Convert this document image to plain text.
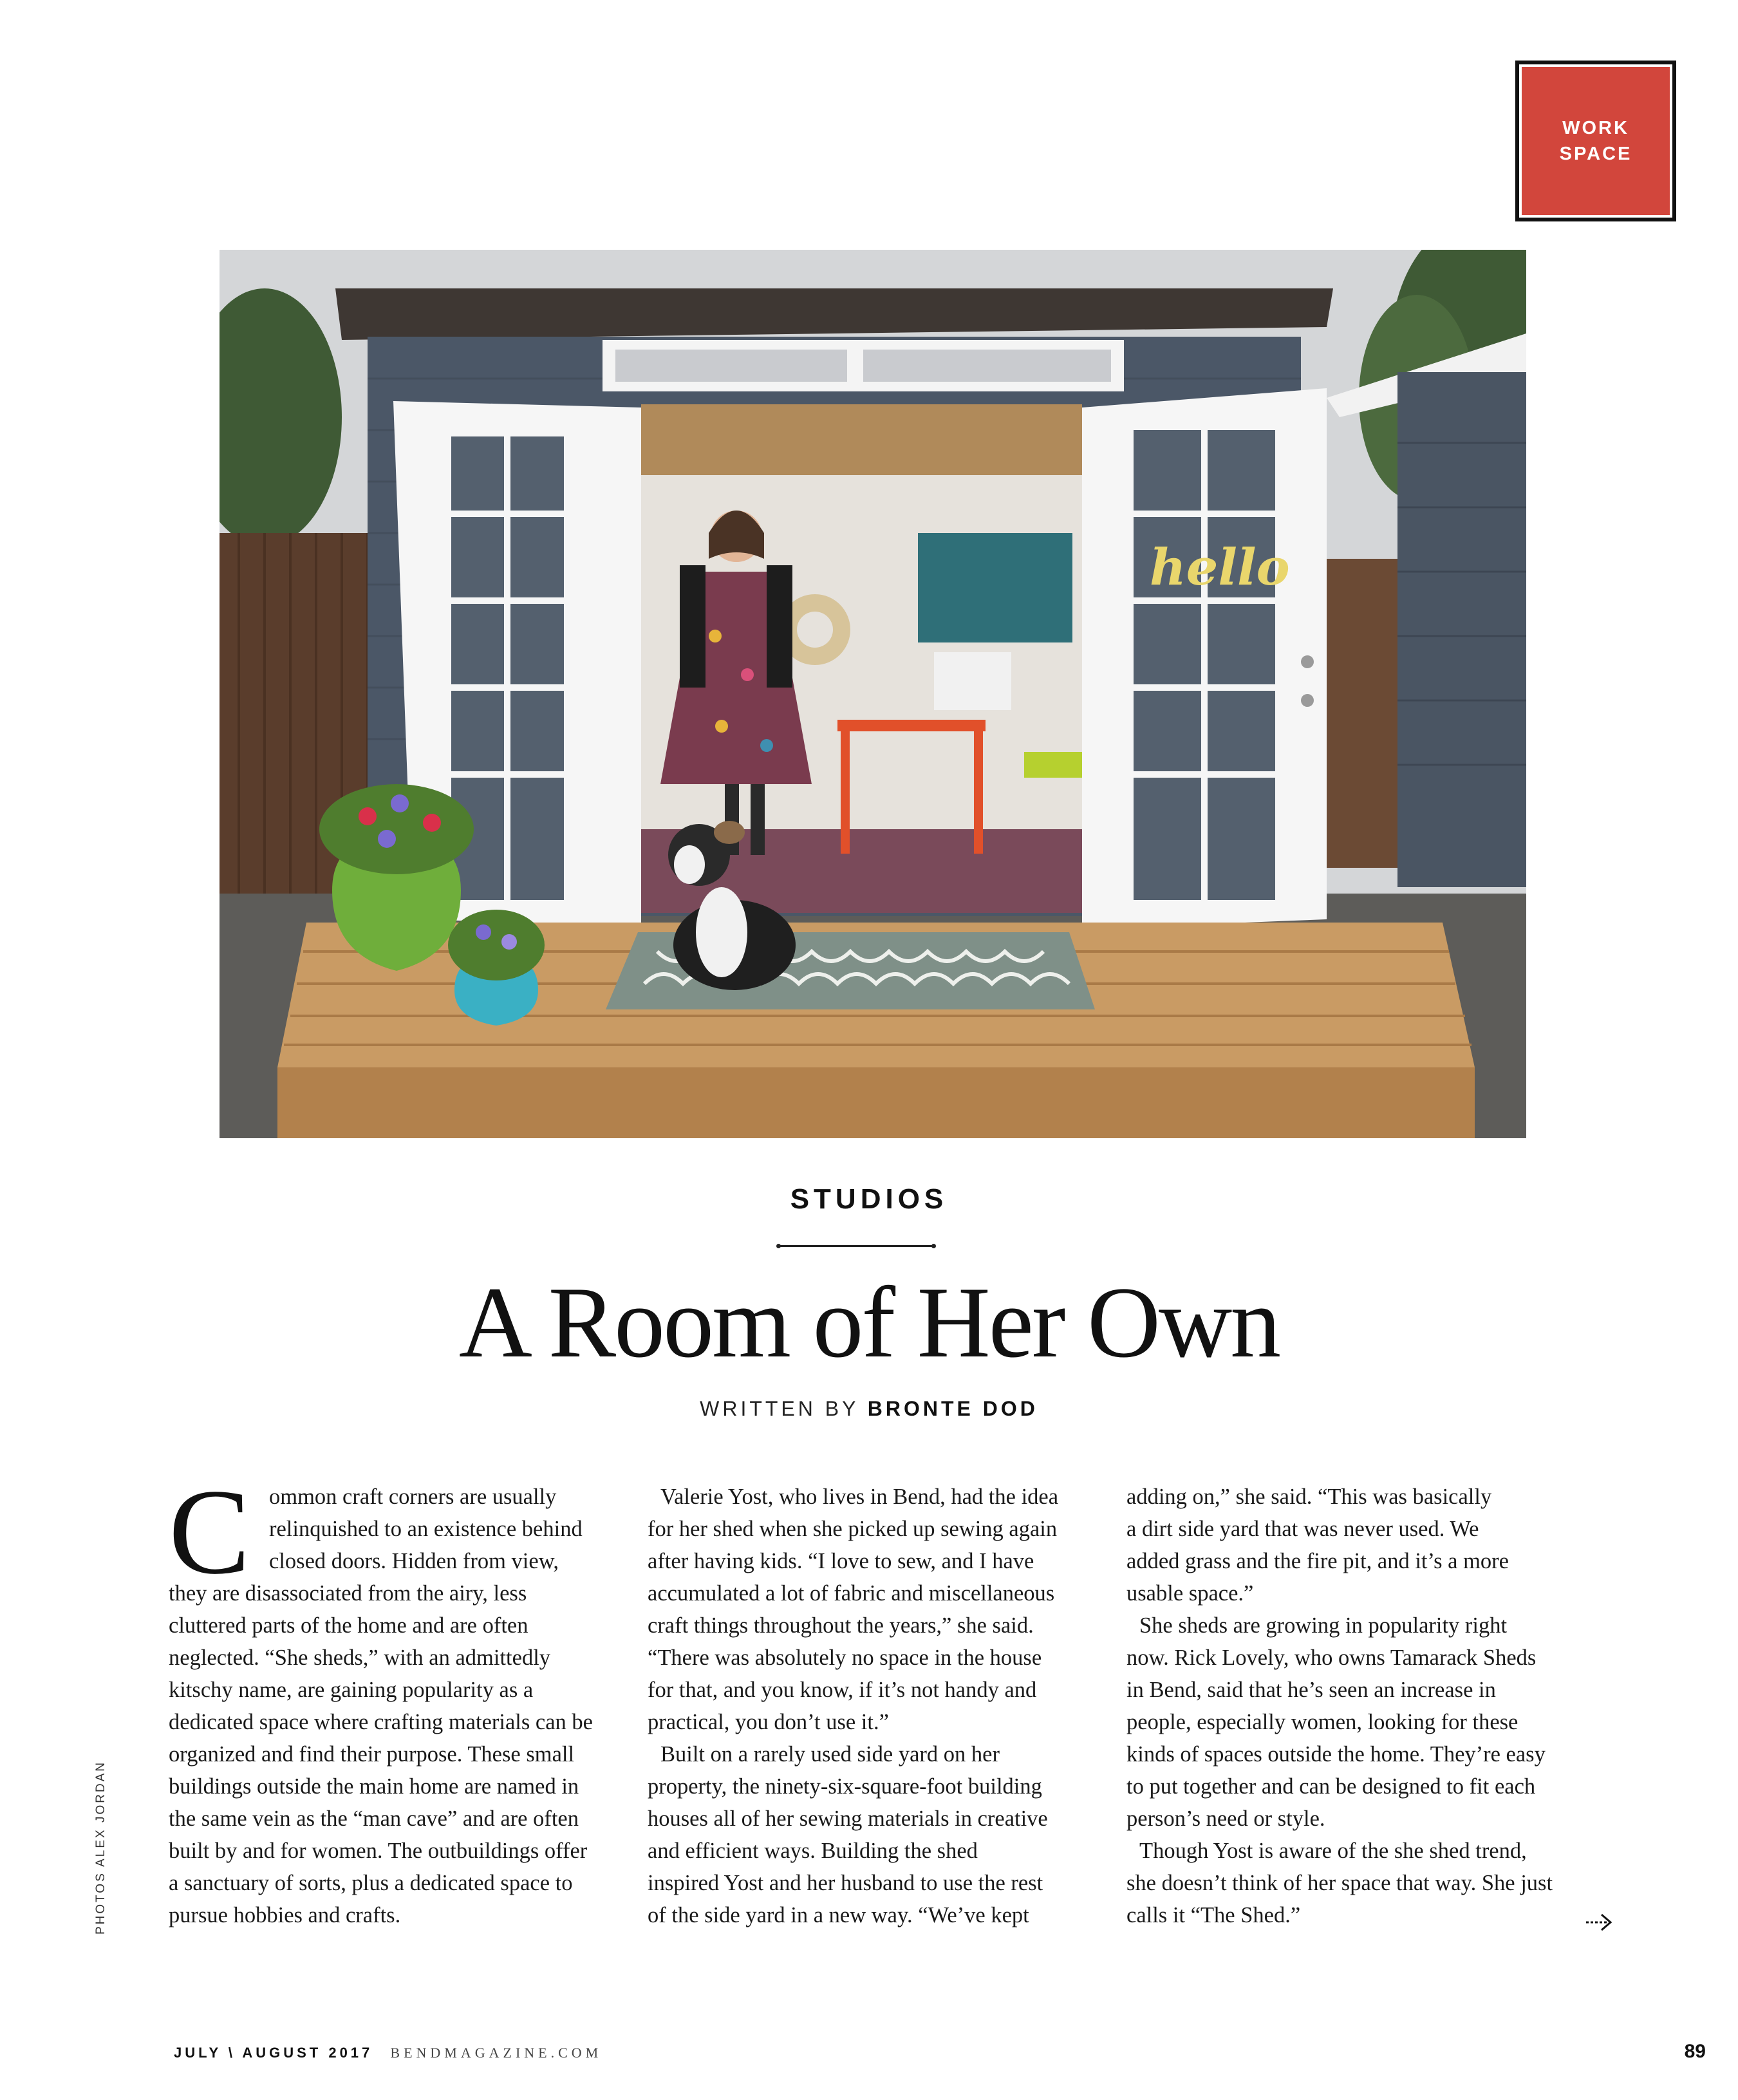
WORK
SPACE
hello
STUDIOS
A Room of Her Own
WRITTEN BY BRONTE DOD
C ommon craft corners are usually
relinquished to an existence behind
closed doors. Hidden from view,
they are disassociated from the airy, less
cluttered parts of the home and are often
neglected. “She sheds,” with an admittedly
kitschy name, are gaining popularity as a
dedicated space where crafting materials can be
organized and find their purpose. These small
buildings outside the main home are named in
the same vein as the “man cave” and are often
built by and for women. The outbuildings offer
a sanctuary of sorts, plus a dedicated space to
pursue hobbies and crafts.
Valerie Yost, who lives in Bend, had the idea
for her shed when she picked up sewing again
after having kids. “I love to sew, and I have
accumulated a lot of fabric and miscellaneous
craft things throughout the years,” she said.
“There was absolutely no space in the house
for that, and you know, if it’s not handy and
practical, you don’t use it.”
Built on a rarely used side yard on her
property, the ninety-six-square-foot building
houses all of her sewing materials in creative
and efficient ways. Building the shed
inspired Yost and her husband to use the rest
of the side yard in a new way. “We’ve kept
adding on,” she said. “This was basically
a dirt side yard that was never used. We
added grass and the fire pit, and it’s a more
usable space.”
She sheds are growing in popularity right
now. Rick Lovely, who owns Tamarack Sheds
in Bend, said that he’s seen an increase in
people, especially women, looking for these
kinds of spaces outside the home. They’re easy
to put together and can be designed to fit each
person’s need or style.
Though Yost is aware of the she shed trend,
she doesn’t think of her space that way. She just
calls it “The Shed.”
PHOTOS ALEX JORDAN
JULY \ AUGUST 2017 BENDMAGAZINE.COM	89
